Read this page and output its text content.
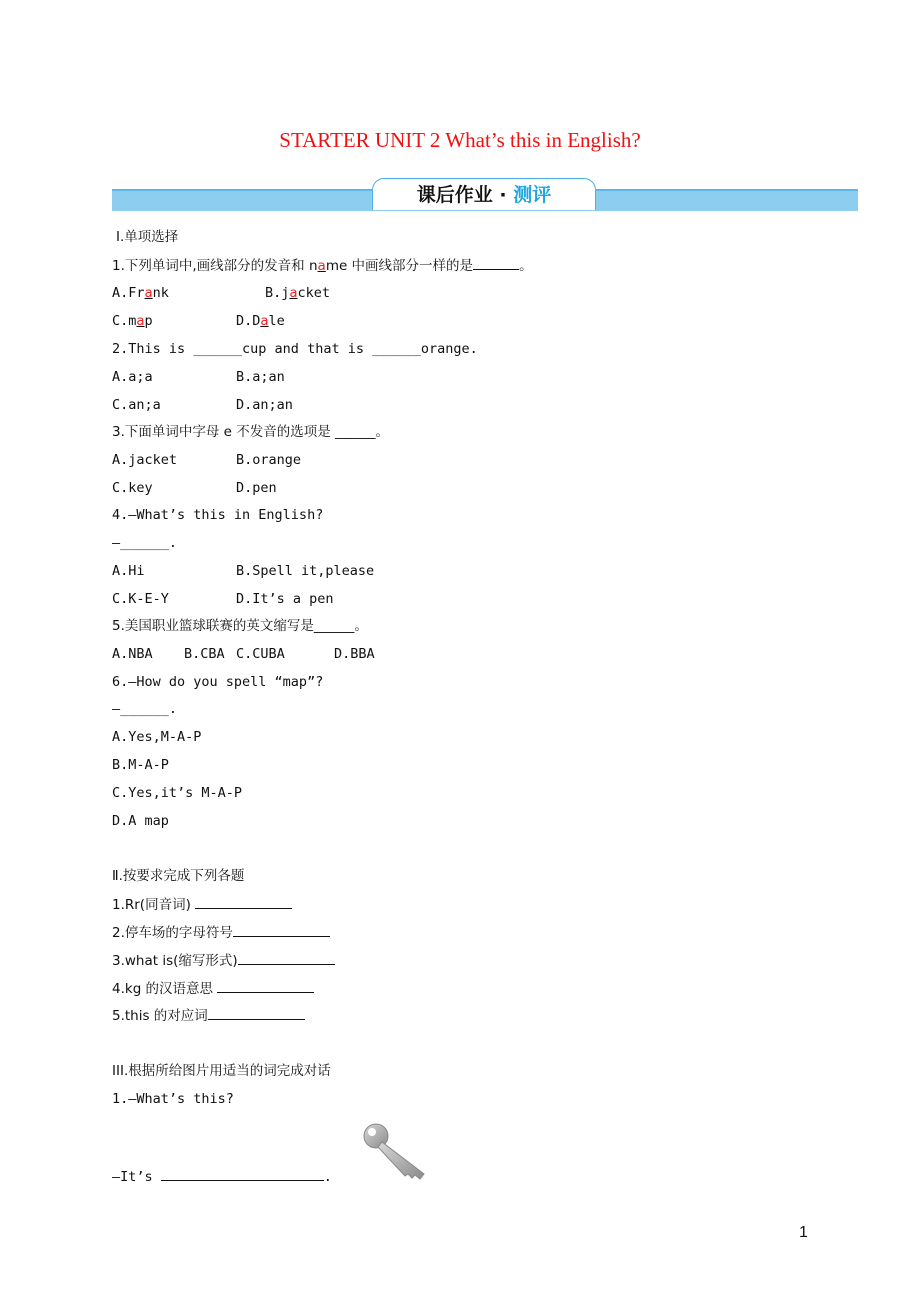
STARTER UNIT 2 What’s this in English?
课后作业 · 测评
Ⅰ.单项选择
1.下列单词中,画线部分的发音和 name 中画线部分一样的是	。
A.Frank	B.jacket
C.map	D.Dale
2.This is ______cup and that is ______orange.
A.a;a	B.a;an
C.an;a	D.an;an
3.下面单词中字母 e 不发音的选项是 ______。
A.jacket	B.orange
C.key	D.pen
4.—What’s this in English?
—______.
A.Hi	B.Spell it,please
C.K-E-Y	D.It’s a pen
5.美国职业篮球联赛的英文缩写是______。
A.NBA B.CBA C.CUBA	D.BBA
6.—How do you spell “map”?
—______.
A.Yes,M-A-P
B.M-A-P
C.Yes,it’s M-A-P
D.A map
Ⅱ.按要求完成下列各题
1.Rr(同音词)
2.停车场的字母符号
3.what is(缩写形式)
4.kg 的汉语意思
5.this 的对应词
III.根据所给图片用适当的词完成对话
1.—What’s this?
—It’s	.
1
